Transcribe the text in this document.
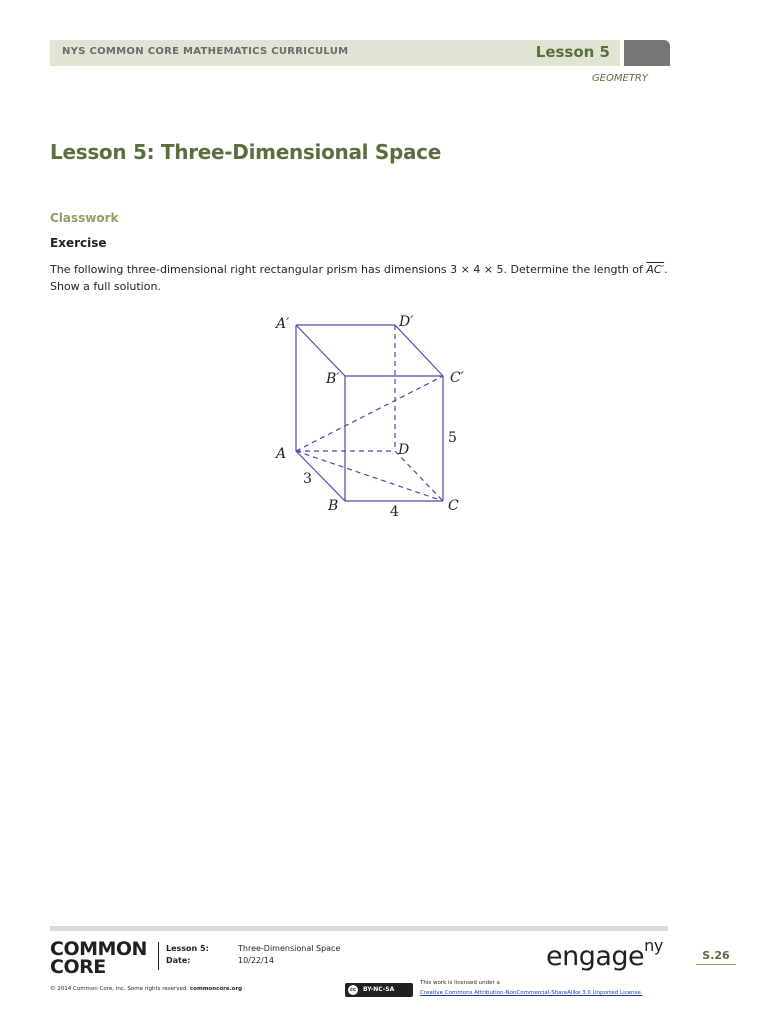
NYS COMMON CORE MATHEMATICS CURRICULUM	Lesson 5
GEOMETRY
Lesson 5: Three-Dimensional Space
Classwork
Exercise
The following three-dimensional right rectangular prism has dimensions 3 × 4 × 5. Determine the length of AC′. Show a full solution.
A′	D′
B′	C′
A	D
B	C
5
3
4
COMMON
CORE
Lesson 5:	Three-Dimensional Space
Date:	10/22/14	engage$^{ny}$
S.26
© 2014 Common Core, Inc. Some rights reserved. commoncore.org	cc	BY-NC-SA
This work is licensed under a
Creative Commons Attribution-NonCommercial-ShareAlike 3.0 Unported License.
